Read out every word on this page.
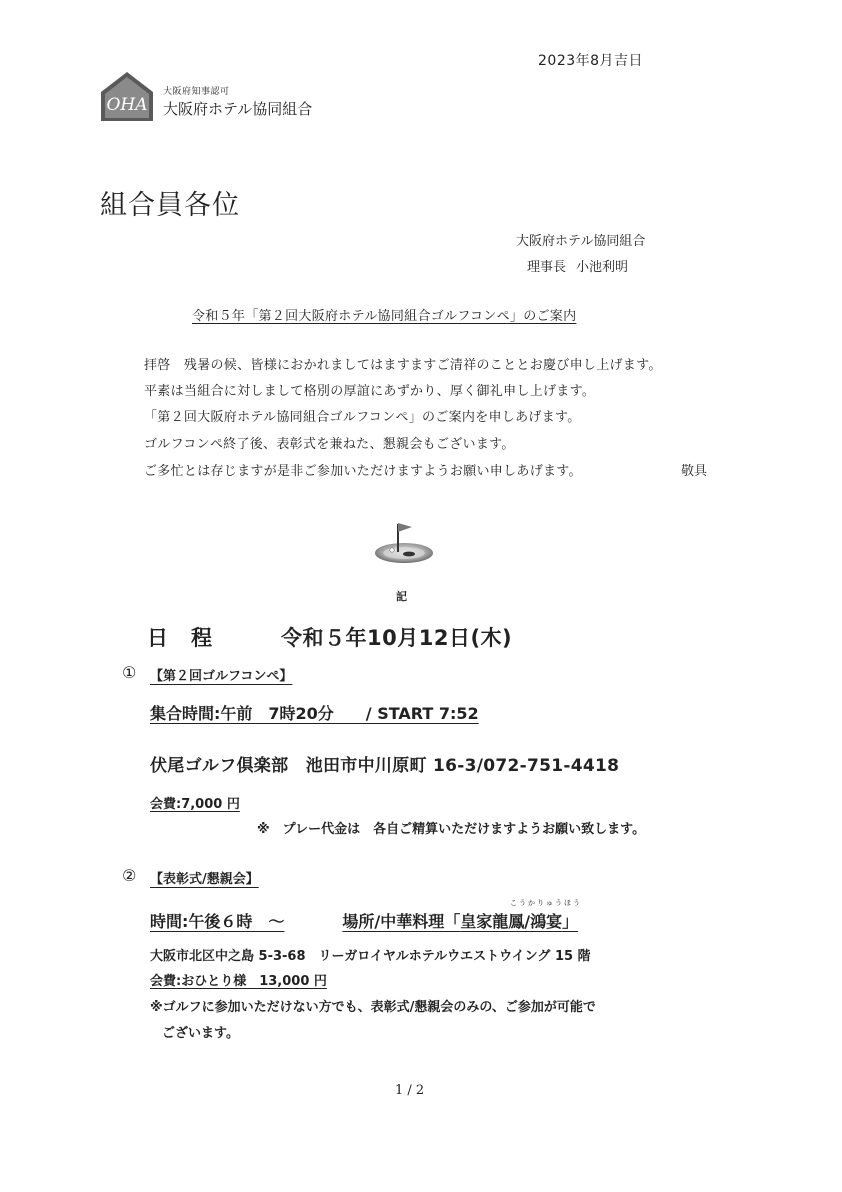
2023年8月吉日
OHA
大阪府知事認可
大阪府ホテル協同組合
組合員各位
大阪府ホテル協同組合
理事長 小池利明
令和５年「第２回大阪府ホテル協同組合ゴルフコンペ」のご案内
拝啓　残暑の候、皆様におかれましてはますますご清祥のこととお慶び申し上げます。
平素は当組合に対しまして格別の厚誼にあずかり、厚く御礼申し上げます。
「第２回大阪府ホテル協同組合ゴルフコンペ」のご案内を申しあげます。
ゴルフコンペ終了後、表彰式を兼ねた、懇親会もございます。
ご多忙とは存じますが是非ご参加いただけますようお願い申しあげます。	敬具
記
日程 令和５年10月12日(木)
① 【第２回ゴルフコンペ】
集合時間:午前　7時20分　　/ START 7:52
伏尾ゴルフ倶楽部　池田市中川原町 16-3/072-751-4418
会費:7,000 円
※　プレー代金は　各自ご精算いただけますようお願い致します。
② 【表彰式/懇親会】
こうかりゅうほう
時間:午後６時　～	場所/中華料理「皇家龍鳳/鴻宴」
大阪市北区中之島 5-3-68　リーガロイヤルホテルウエストウイング 15 階
会費:おひとり様　13,000 円
※ゴルフに参加いただけない方でも、表彰式/懇親会のみの、ご参加が可能で
ございます。
1 / 2
